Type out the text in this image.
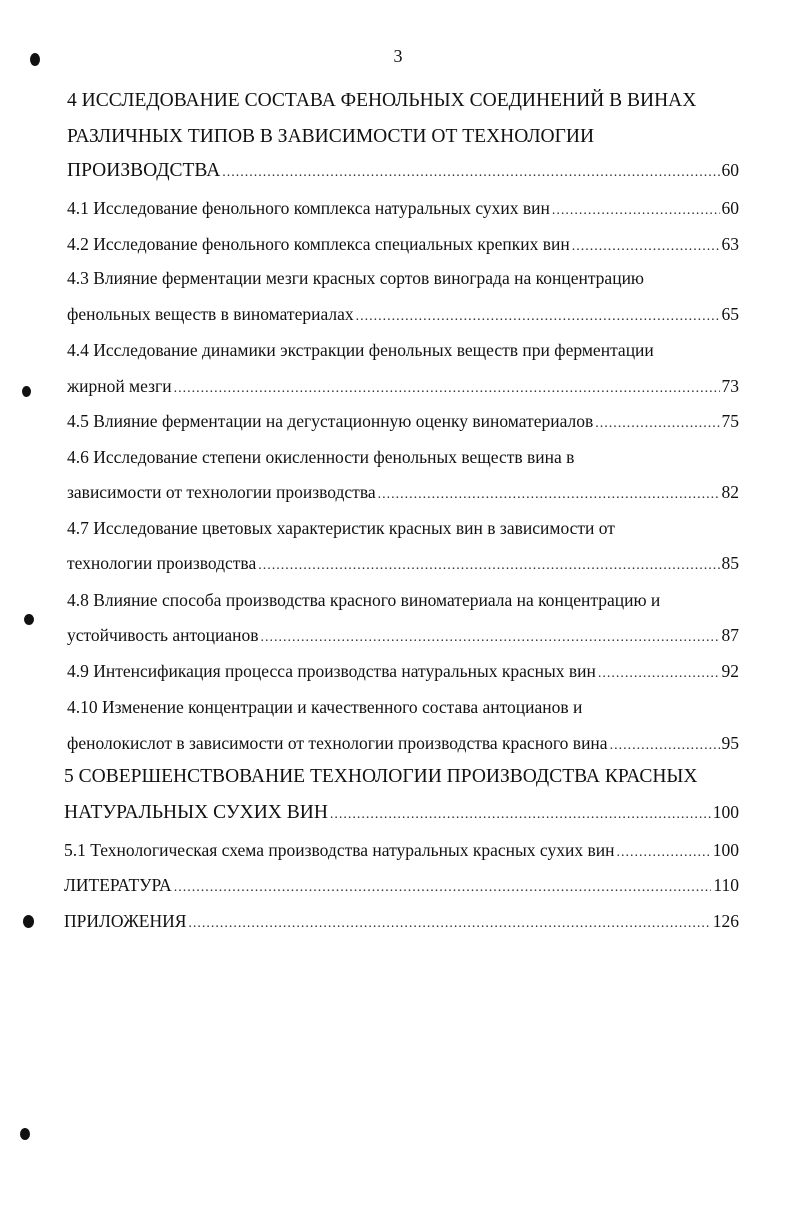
3
4 ИССЛЕДОВАНИЕ СОСТАВА ФЕНОЛЬНЫХ СОЕДИНЕНИЙ В ВИНАХ
РАЗЛИЧНЫХ ТИПОВ В ЗАВИСИМОСТИ ОТ ТЕХНОЛОГИИ
ПРОИЗВОДСТВА .....	60
4.1 Исследование фенольного комплекса натуральных сухих вин .....	60
4.2 Исследование фенольного комплекса специальных крепких вин .....	63
4.3 Влияние ферментации мезги красных сортов винограда на концентрацию
фенольных веществ в виноматериалах .....	65
4.4 Исследование динамики экстракции фенольных веществ при ферментации
жирной мезги .....	73
4.5 Влияние ферментации на дегустационную оценку виноматериалов .....	75
4.6 Исследование степени окисленности фенольных веществ вина в
зависимости от технологии производства .....	82
4.7 Исследование цветовых характеристик красных вин в зависимости от
технологии производства .....	85
4.8 Влияние способа производства красного виноматериала на концентрацию и
устойчивость антоцианов .....	87
4.9 Интенсификация процесса производства натуральных красных вин .....	92
4.10 Изменение концентрации и качественного состава антоцианов и
фенолокислот в зависимости от технологии производства красного вина .....	95
5 СОВЕРШЕНСТВОВАНИЕ ТЕХНОЛОГИИ ПРОИЗВОДСТВА КРАСНЫХ
НАТУРАЛЬНЫХ СУХИХ ВИН .....	100
5.1 Технологическая схема производства натуральных красных сухих вин .....	100
ЛИТЕРАТУРА .....	110
ПРИЛОЖЕНИЯ .....	126
